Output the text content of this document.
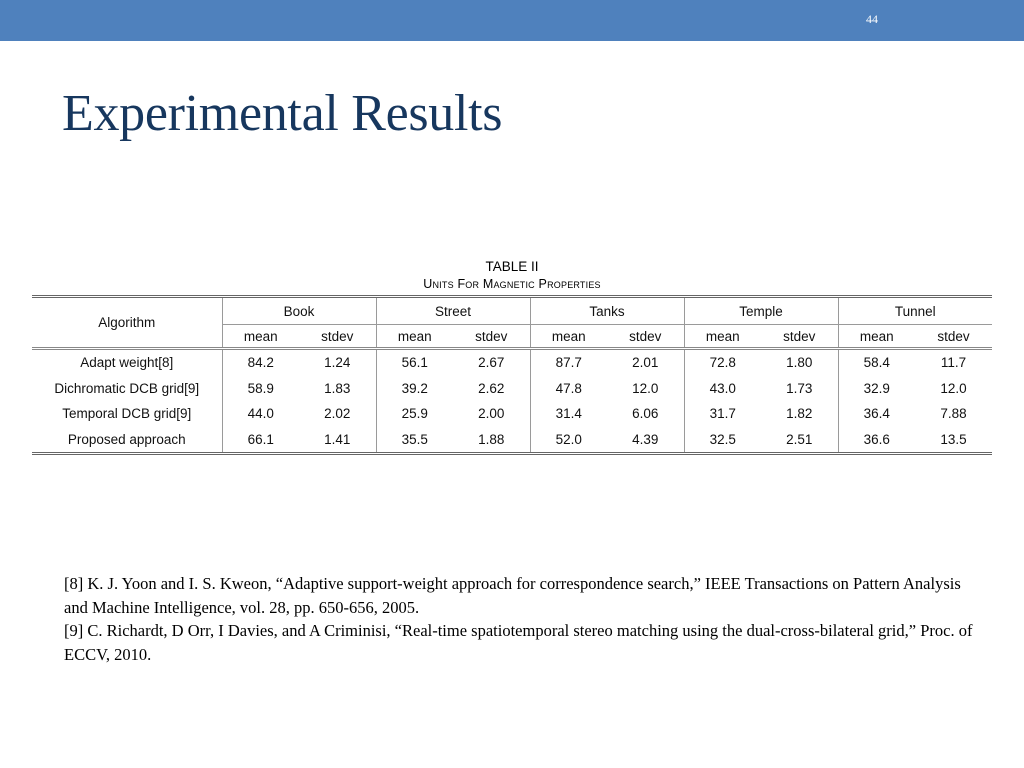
44
Experimental Results
TABLE II
Units For Magnetic Properties
Algorithm	Book		Street		Tanks		Temple		Tunnel	
	mean	stdev	mean	stdev	mean	stdev	mean	stdev	mean	stdev
Adapt weight[8]	84.2	1.24	56.1	2.67	87.7	2.01	72.8	1.80	58.4	11.7
Dichromatic DCB grid[9]	58.9	1.83	39.2	2.62	47.8	12.0	43.0	1.73	32.9	12.0
Temporal DCB grid[9]	44.0	2.02	25.9	2.00	31.4	6.06	31.7	1.82	36.4	7.88
Proposed approach	66.1	1.41	35.5	1.88	52.0	4.39	32.5	2.51	36.6	13.5

[8] K. J. Yoon and I. S. Kweon, “Adaptive support-weight approach for correspondence search,” IEEE Transactions on Pattern Analysis and Machine Intelligence, vol. 28, pp. 650-656, 2005.

[9] C. Richardt, D Orr, I Davies, and A Criminisi, “Real-time spatiotemporal stereo matching using the dual-cross-bilateral grid,” Proc. of ECCV, 2010.
